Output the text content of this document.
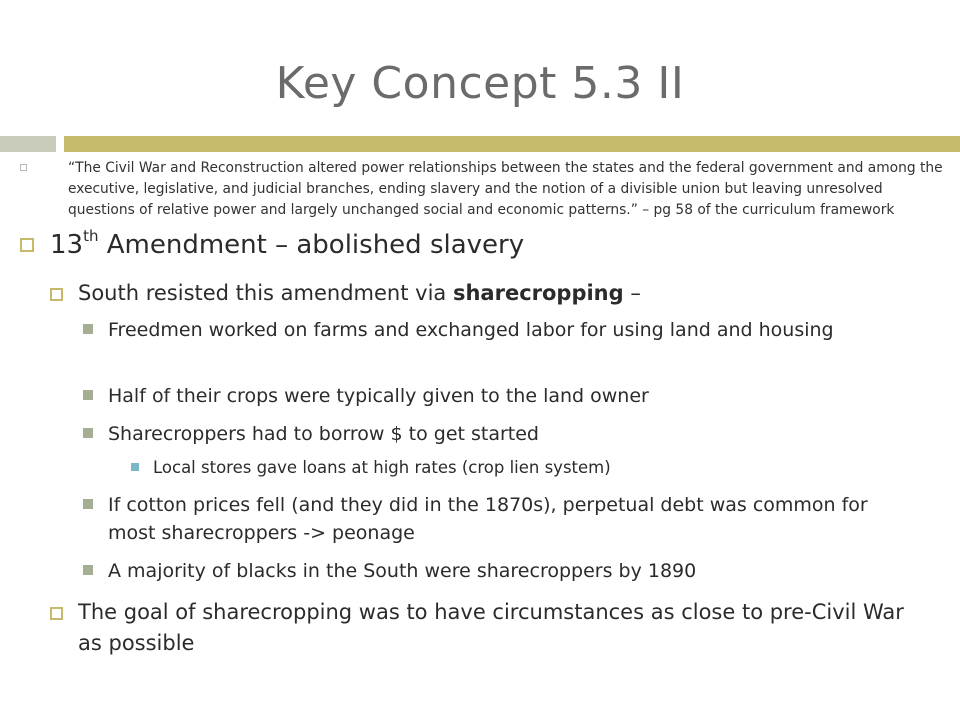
Key Concept 5.3 II
“The Civil War and Reconstruction altered power relationships between the states and the federal government and among the executive, legislative, and judicial branches, ending slavery and the notion of a divisible union but leaving unresolved questions of relative power and largely unchanged social and economic patterns.” – pg 58 of the curriculum framework
13th Amendment – abolished slavery
South resisted this amendment via sharecropping –
Freedmen worked on farms and exchanged labor for using land and housing
Half of their crops were typically given to the land owner
Sharecroppers had to borrow $ to get started
Local stores gave loans at high rates (crop lien system)
If cotton prices fell (and they did in the 1870s), perpetual debt was common for most sharecroppers -> peonage
A majority of blacks in the South were sharecroppers by 1890
The goal of sharecropping was to have circumstances as close to pre-Civil War as possible
